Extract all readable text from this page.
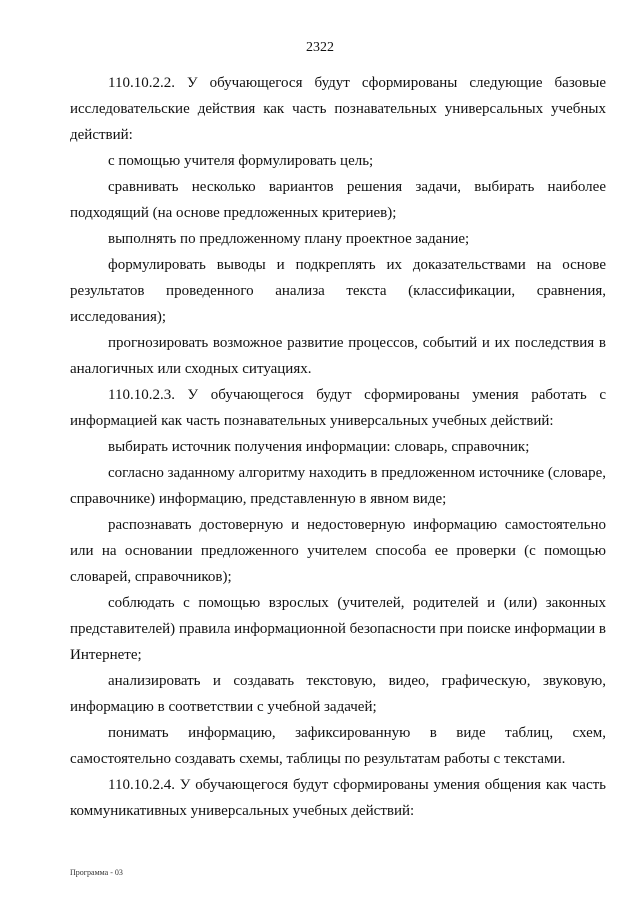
2322

110.10.2.2. У обучающегося будут сформированы следующие базовые исследовательские действия как часть познавательных универсальных учебных действий:

с помощью учителя формулировать цель;

сравнивать несколько вариантов решения задачи, выбирать наиболее подходящий (на основе предложенных критериев);

выполнять по предложенному плану проектное задание;

формулировать выводы и подкреплять их доказательствами на основе результатов проведенного анализа текста (классификации, сравнения, исследования);

прогнозировать возможное развитие процессов, событий и их последствия в аналогичных или сходных ситуациях.

110.10.2.3. У обучающегося будут сформированы умения работать с информацией как часть познавательных универсальных учебных действий:

выбирать источник получения информации: словарь, справочник;

согласно заданному алгоритму находить в предложенном источнике (словаре, справочнике) информацию, представленную в явном виде;

распознавать достоверную и недостоверную информацию самостоятельно или на основании предложенного учителем способа ее проверки (с помощью словарей, справочников);

соблюдать с помощью взрослых (учителей, родителей и (или) законных представителей) правила информационной безопасности при поиске информации в Интернете;

анализировать и создавать текстовую, видео, графическую, звуковую, информацию в соответствии с учебной задачей;

понимать информацию, зафиксированную в виде таблиц, схем, самостоятельно создавать схемы, таблицы по результатам работы с текстами.

110.10.2.4. У обучающегося будут сформированы умения общения как часть коммуникативных универсальных учебных действий:

Программа - 03
